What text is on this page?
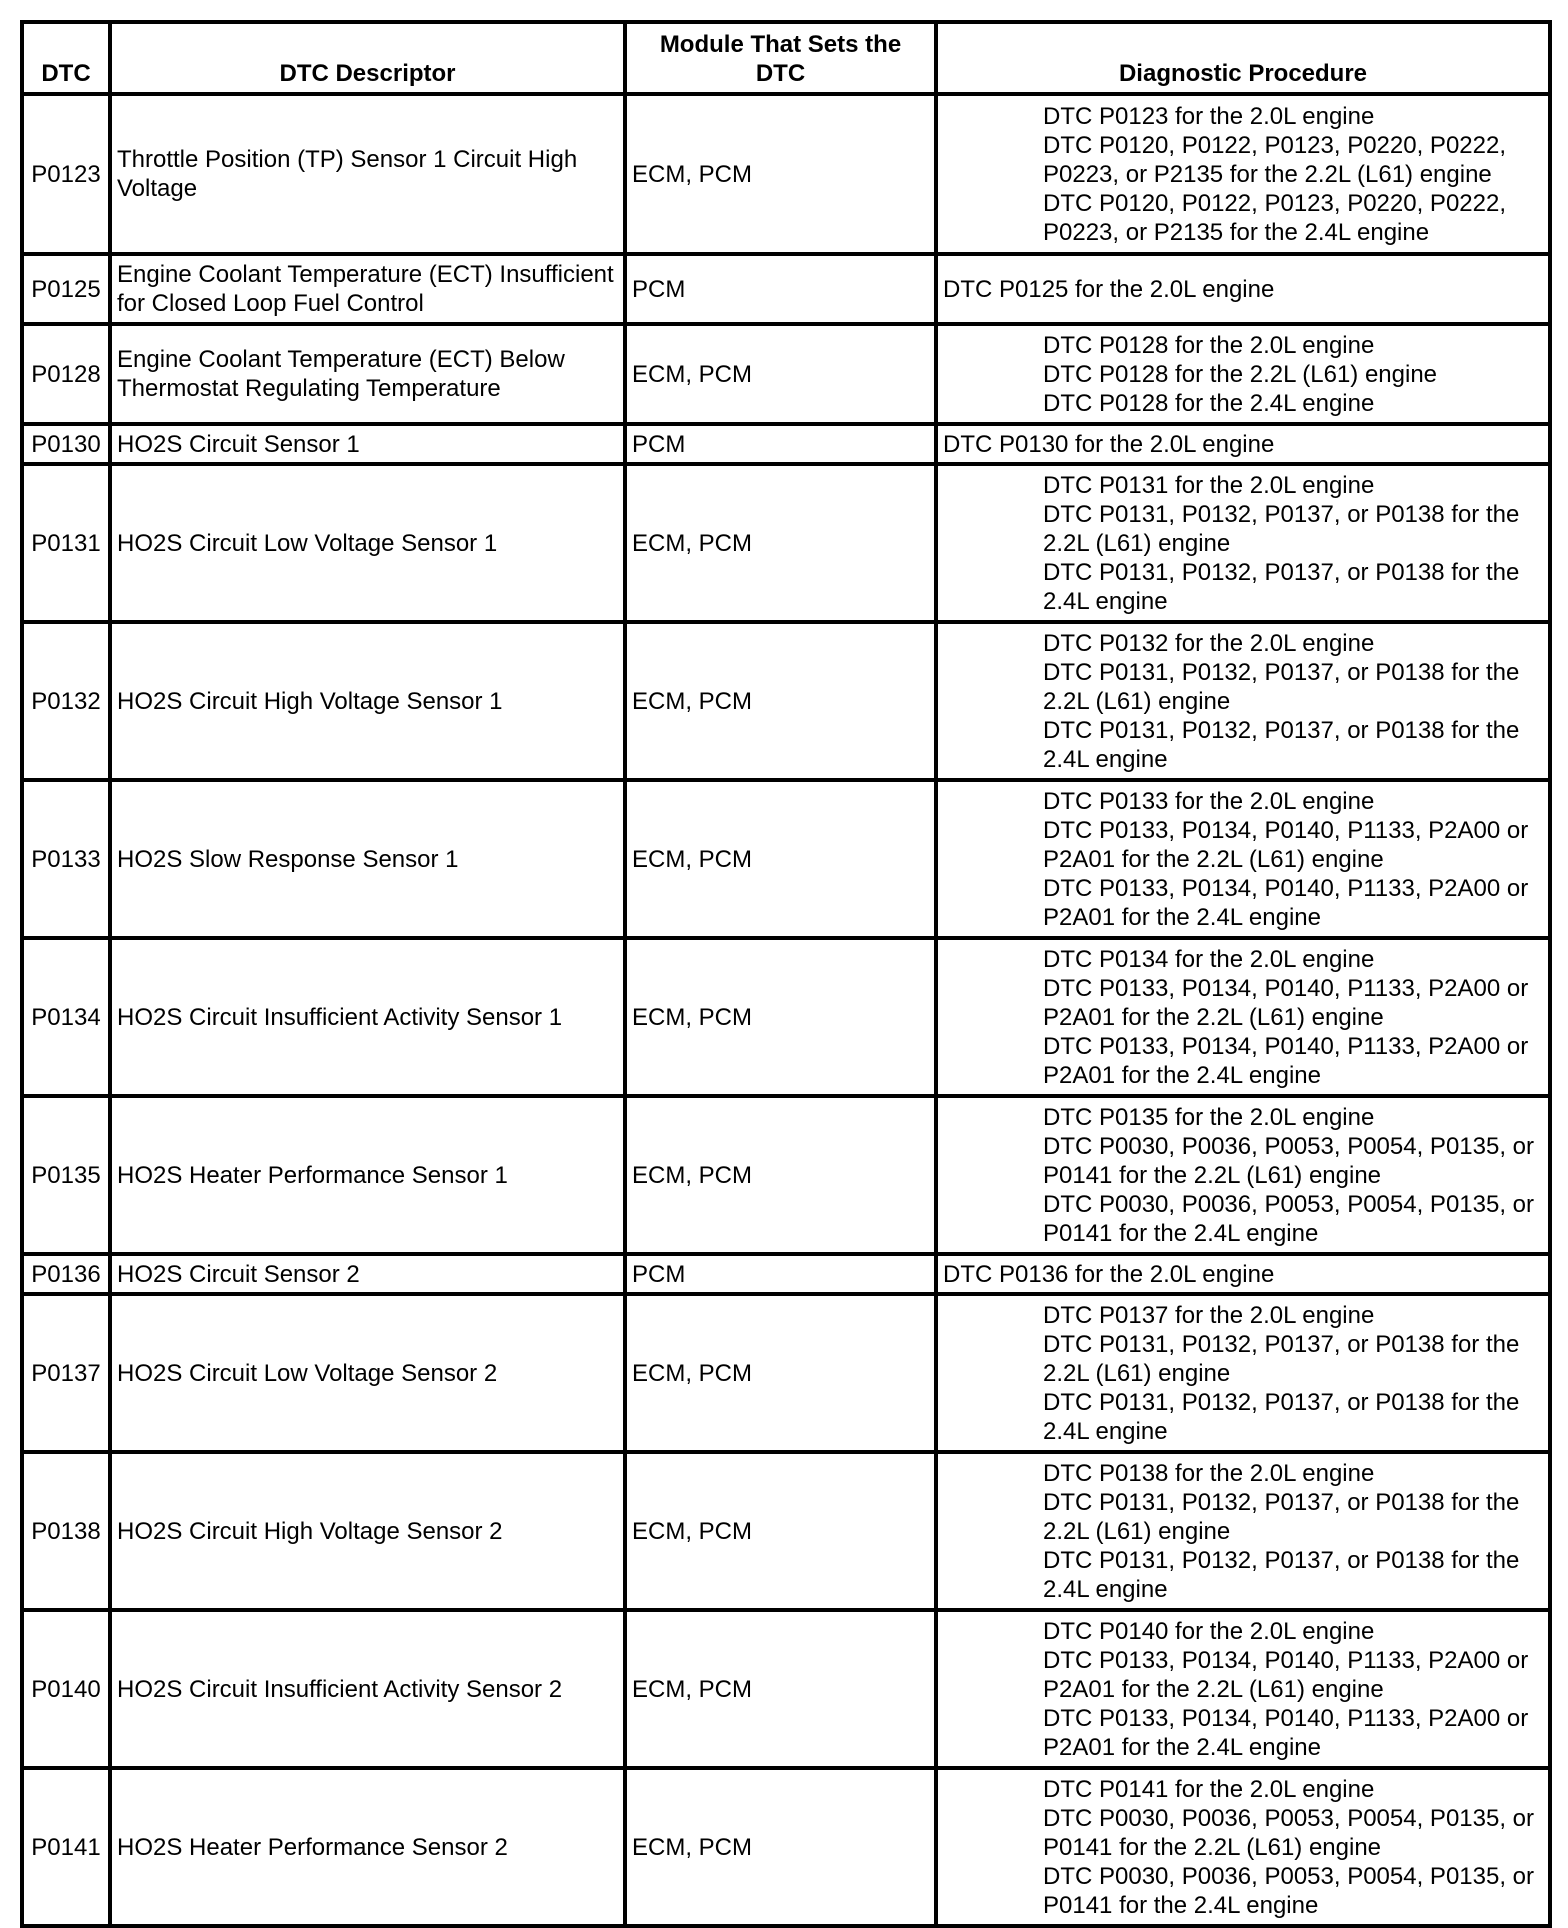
DTC	DTC Descriptor	Module That Sets the DTC	Diagnostic Procedure
P0123	Throttle Position (TP) Sensor 1 Circuit High Voltage	ECM, PCM	DTC P0123 for the 2.0L engine
DTC P0120, P0122, P0123, P0220, P0222, P0223, or P2135 for the 2.2L (L61) engine
DTC P0120, P0122, P0123, P0220, P0222, P0223, or P2135 for the 2.4L engine

P0125	Engine Coolant Temperature (ECT) Insufficient for Closed Loop Fuel Control	PCM	DTC P0125 for the 2.0L engine

P0128	Engine Coolant Temperature (ECT) Below Thermostat Regulating Temperature	ECM, PCM	DTC P0128 for the 2.0L engine
DTC P0128 for the 2.2L (L61) engine
DTC P0128 for the 2.4L engine

P0130	HO2S Circuit Sensor 1	PCM	DTC P0130 for the 2.0L engine

P0131	HO2S Circuit Low Voltage Sensor 1	ECM, PCM	DTC P0131 for the 2.0L engine
DTC P0131, P0132, P0137, or P0138 for the 2.2L (L61) engine
DTC P0131, P0132, P0137, or P0138 for the 2.4L engine

P0132	HO2S Circuit High Voltage Sensor 1	ECM, PCM	DTC P0132 for the 2.0L engine
DTC P0131, P0132, P0137, or P0138 for the 2.2L (L61) engine
DTC P0131, P0132, P0137, or P0138 for the 2.4L engine

P0133	HO2S Slow Response Sensor 1	ECM, PCM	DTC P0133 for the 2.0L engine
DTC P0133, P0134, P0140, P1133, P2A00 or P2A01 for the 2.2L (L61) engine
DTC P0133, P0134, P0140, P1133, P2A00 or P2A01 for the 2.4L engine

P0134	HO2S Circuit Insufficient Activity Sensor 1	ECM, PCM	DTC P0134 for the 2.0L engine
DTC P0133, P0134, P0140, P1133, P2A00 or P2A01 for the 2.2L (L61) engine
DTC P0133, P0134, P0140, P1133, P2A00 or P2A01 for the 2.4L engine

P0135	HO2S Heater Performance Sensor 1	ECM, PCM	DTC P0135 for the 2.0L engine
DTC P0030, P0036, P0053, P0054, P0135, or P0141 for the 2.2L (L61) engine
DTC P0030, P0036, P0053, P0054, P0135, or P0141 for the 2.4L engine

P0136	HO2S Circuit Sensor 2	PCM	DTC P0136 for the 2.0L engine

P0137	HO2S Circuit Low Voltage Sensor 2	ECM, PCM	DTC P0137 for the 2.0L engine
DTC P0131, P0132, P0137, or P0138 for the 2.2L (L61) engine
DTC P0131, P0132, P0137, or P0138 for the 2.4L engine

P0138	HO2S Circuit High Voltage Sensor 2	ECM, PCM	DTC P0138 for the 2.0L engine
DTC P0131, P0132, P0137, or P0138 for the 2.2L (L61) engine
DTC P0131, P0132, P0137, or P0138 for the 2.4L engine

P0140	HO2S Circuit Insufficient Activity Sensor 2	ECM, PCM	DTC P0140 for the 2.0L engine
DTC P0133, P0134, P0140, P1133, P2A00 or P2A01 for the 2.2L (L61) engine
DTC P0133, P0134, P0140, P1133, P2A00 or P2A01 for the 2.4L engine

P0141	HO2S Heater Performance Sensor 2	ECM, PCM	DTC P0141 for the 2.0L engine
DTC P0030, P0036, P0053, P0054, P0135, or P0141 for the 2.2L (L61) engine
DTC P0030, P0036, P0053, P0054, P0135, or P0141 for the 2.4L engine
